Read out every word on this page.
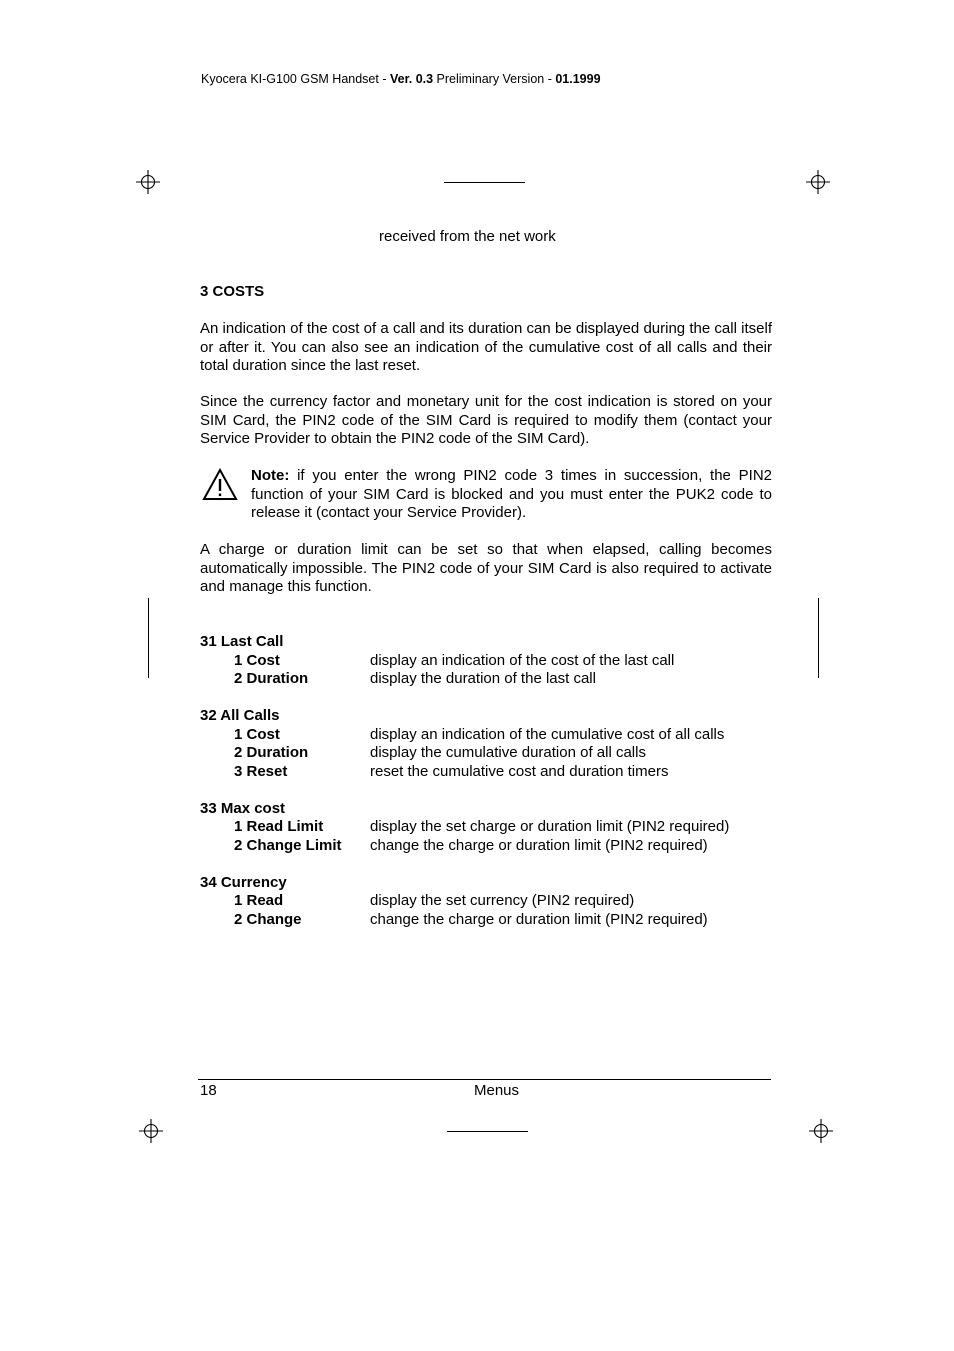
Kyocera KI-G100 GSM Handset - Ver. 0.3 Preliminary Version - 01.1999
received from the net work
3 COSTS
An indication of the cost of a call and its duration can be displayed during the call itself or after it. You can also see an indication of the cumulative cost of all calls and their total duration since the last reset.
Since the currency factor and monetary unit for the cost indication is stored on your SIM Card, the PIN2 code of the SIM Card is required to modify them (contact your Service Provider to obtain the PIN2 code of the SIM Card).
Note: if you enter the wrong PIN2 code 3 times in succession, the PIN2 function of your SIM Card is blocked and you must enter the PUK2 code to release it (contact your Service Provider).
A charge or duration limit can be set so that when elapsed, calling becomes automatically impossible. The PIN2 code of your SIM Card is also required to activate and manage this function.
31 Last Call
1 Cost	display an indication of the cost of the last call
2 Duration	display the duration of the last call
32 All Calls
1 Cost	display an indication of the cumulative cost of all calls
2 Duration	display the cumulative duration of all calls
3 Reset	reset the cumulative cost and duration timers
33 Max cost
1 Read Limit	display the set charge or duration limit (PIN2 required)
2 Change Limit	change the charge or duration limit (PIN2 required)
34 Currency
1 Read	display the set currency (PIN2 required)
2 Change	change the charge or duration limit (PIN2 required)
18	Menus
